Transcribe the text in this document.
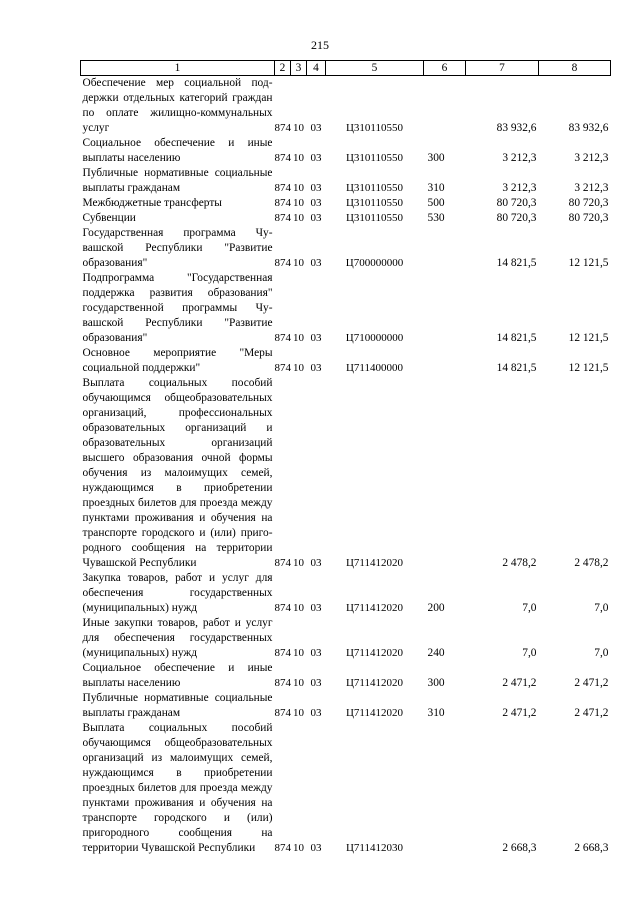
215
1	2	3	4	5	6	7	8
Обеспечение мер социальной поддержки отдельных категорий граждан по оплате жилищно-коммунальных услуг	874	10	03	Ц310110550		83 932,6	83 932,6
Социальное обеспечение и иные выплаты населению	874	10	03	Ц310110550	300	3 212,3	3 212,3
Публичные нормативные социальные выплаты гражданам	874	10	03	Ц310110550	310	3 212,3	3 212,3
Межбюджетные трансферты	874	10	03	Ц310110550	500	80 720,3	80 720,3
Субвенции	874	10	03	Ц310110550	530	80 720,3	80 720,3
Государственная программа Чувашской Республики "Развитие образования"	874	10	03	Ц700000000		14 821,5	12 121,5
Подпрограмма "Государственная поддержка развития образования" государственной программы Чувашской Республики "Развитие образования"	874	10	03	Ц710000000		14 821,5	12 121,5
Основное мероприятие "Меры социальной поддержки"	874	10	03	Ц711400000		14 821,5	12 121,5
Выплата социальных пособий обучающимся общеобразовательных организаций, профессиональных образовательных организаций и образовательных организаций высшего образования очной формы обучения из малоимущих семей, нуждающимся в приобретении проездных билетов для проезда между пунктами проживания и обучения на транспорте городского и (или) пригородного сообщения на территории Чувашской Республики	874	10	03	Ц711412020		2 478,2	2 478,2
Закупка товаров, работ и услуг для обеспечения государственных (муниципальных) нужд	874	10	03	Ц711412020	200	7,0	7,0
Иные закупки товаров, работ и услуг для обеспечения государственных (муниципальных) нужд	874	10	03	Ц711412020	240	7,0	7,0
Социальное обеспечение и иные выплаты населению	874	10	03	Ц711412020	300	2 471,2	2 471,2
Публичные нормативные социальные выплаты гражданам	874	10	03	Ц711412020	310	2 471,2	2 471,2
Выплата социальных пособий обучающимся общеобразовательных организаций из малоимущих семей, нуждающимся в приобретении проездных билетов для проезда между пунктами проживания и обучения на транспорте городского и (или) пригородного сообщения на территории Чувашской Республики	874	10	03	Ц711412030		2 668,3	2 668,3
